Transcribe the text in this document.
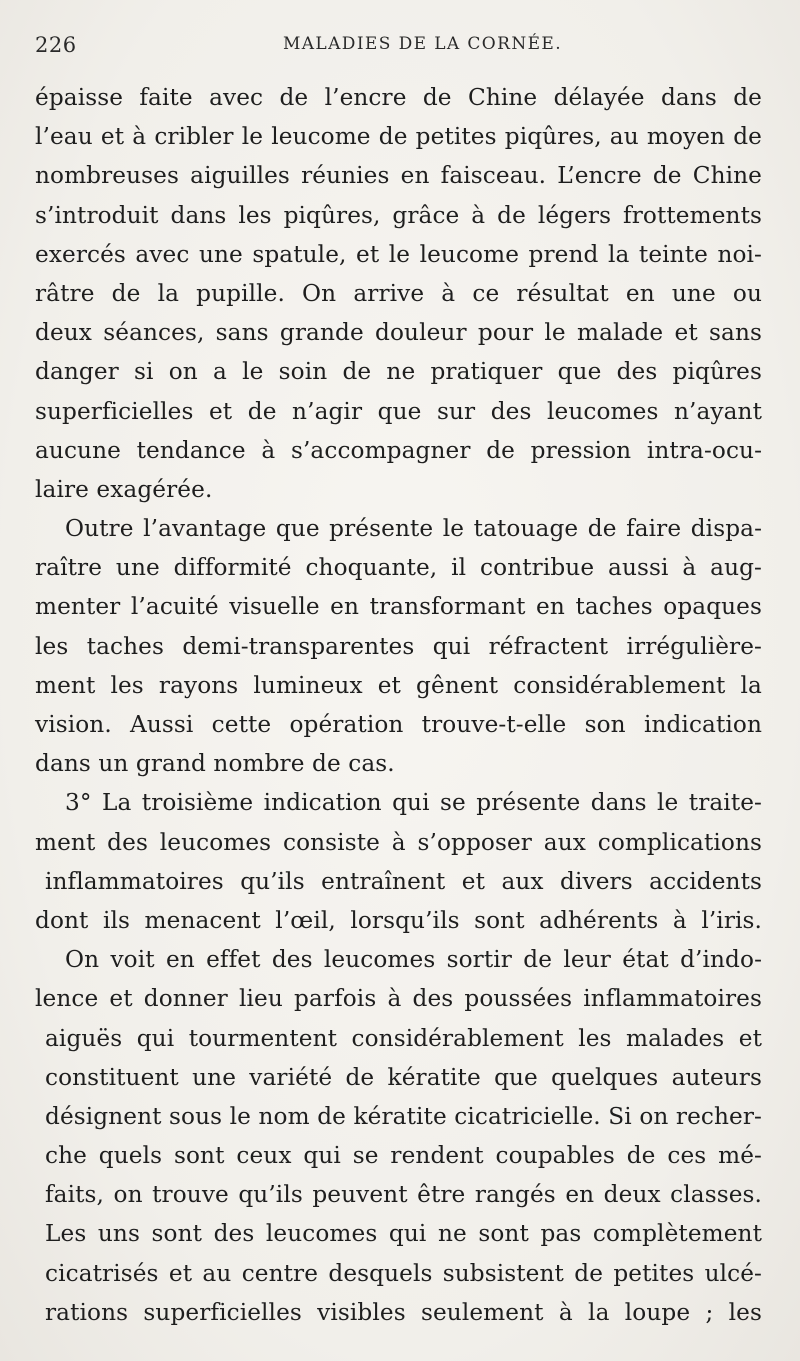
226	MALADIES DE LA CORNÉE.
épaisse faite avec de l’encre de Chine délayée dans de
l’eau et à cribler le leucome de petites piqûres, au moyen de
nombreuses aiguilles réunies en faisceau. L’encre de Chine
s’introduit dans les piqûres, grâce à de légers frottements
exercés avec une spatule, et le leucome prend la teinte noi-
râtre de la pupille. On arrive à ce résultat en une ou
deux séances, sans grande douleur pour le malade et sans
danger si on a le soin de ne pratiquer que des piqûres
superficielles et de n’agir que sur des leucomes n’ayant
aucune tendance à s’accompagner de pression intra-ocu-
laire exagérée.
Outre l’avantage que présente le tatouage de faire dispa-
raître une difformité choquante, il contribue aussi à aug-
menter l’acuité visuelle en transformant en taches opaques
les taches demi-transparentes qui réfractent irrégulière-
ment les rayons lumineux et gênent considérablement la
vision. Aussi cette opération trouve-t-elle son indication
dans un grand nombre de cas.
3° La troisième indication qui se présente dans le traite-
ment des leucomes consiste à s’opposer aux complications
inflammatoires qu’ils entraînent et aux divers accidents
dont ils menacent l’œil, lorsqu’ils sont adhérents à l’iris.
On voit en effet des leucomes sortir de leur état d’indo-
lence et donner lieu parfois à des poussées inflammatoires
aiguës qui tourmentent considérablement les malades et
constituent une variété de kératite que quelques auteurs
désignent sous le nom de kératite cicatricielle. Si on recher-
che quels sont ceux qui se rendent coupables de ces mé-
faits, on trouve qu’ils peuvent être rangés en deux classes.
Les uns sont des leucomes qui ne sont pas complètement
cicatrisés et au centre desquels subsistent de petites ulcé-
rations superficielles visibles seulement à la loupe ; les
